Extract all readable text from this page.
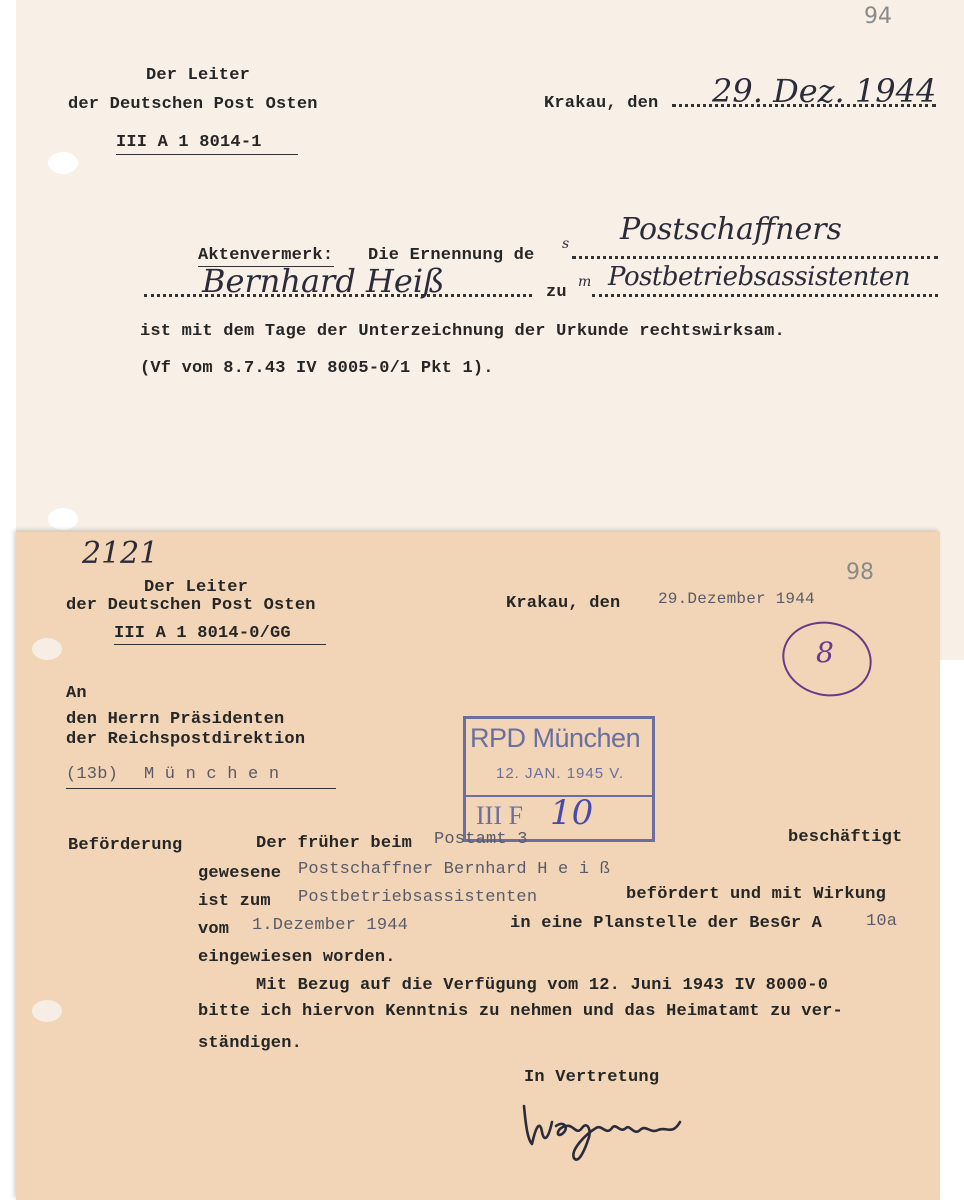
94
Der Leiter
der Deutschen Post Osten
III A 1 8014-1
Krakau, den 29. Dez. 1944
Aktenvermerk: Die Ernennung de
s Postschaffners
Bernhard Heiß	zu
m Postbetriebsassistenten
ist mit dem Tage der Unterzeichnung der Urkunde rechtswirksam.
(Vf vom 8.7.43 IV 8005-0/1 Pkt 1).
2121
98
Der Leiter
der Deutschen Post Osten
III A 1 8014-0/GG
Krakau, den 29.Dezember 1944
8
An
den Herrn Präsidenten
der Reichspostdirektion
(13b) M ü n c h e n
RPD München
12. JAN. 1945 V.
III F 10
Beförderung	Der früher beim Postamt 3	beschäftigt
gewesene Postschaffner Bernhard H e i ß
ist zum Postbetriebsassistenten	befördert und mit Wirkung
vom 1.Dezember 1944	in eine Planstelle der BesGr A	10a
eingewiesen worden.
Mit Bezug auf die Verfügung vom 12. Juni 1943 IV 8000-0
bitte ich hiervon Kenntnis zu nehmen und das Heimatamt zu ver-
ständigen.
In Vertretung
